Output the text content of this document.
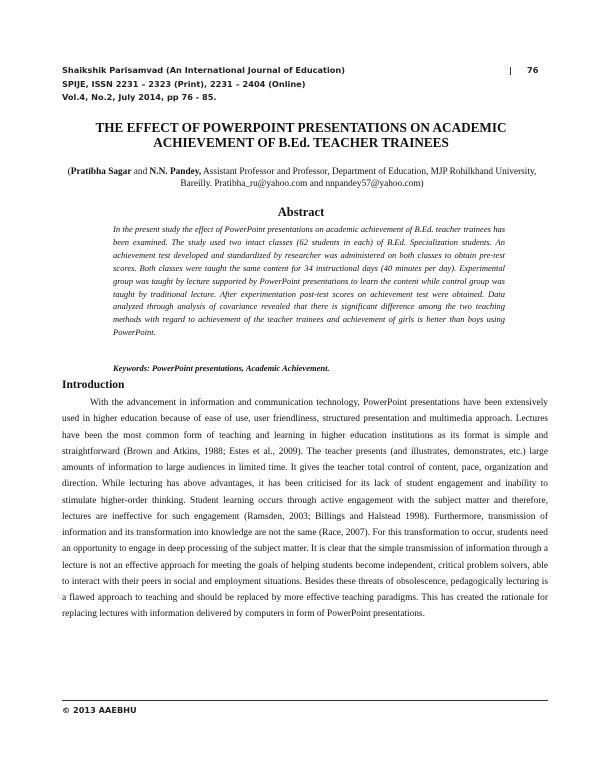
Shaikshik Parisamvad (An International Journal of Education)
SPIJE, ISSN 2231 – 2323 (Print), 2231 – 2404 (Online)
Vol.4, No.2, July 2014, pp 76 - 85.
| 76
THE EFFECT OF POWERPOINT PRESENTATIONS ON ACADEMIC ACHIEVEMENT OF B.Ed. TEACHER TRAINEES
(Pratibha Sagar and N.N. Pandey, Assistant Professor and Professor, Department of Education, MJP Rohilkhand University, Bareilly. Pratibha_ru@yahoo.com and nnpandey57@yahoo.com)
Abstract
In the present study the effect of PowerPoint presentations on academic achievement of B.Ed. teacher trainees has been examined. The study used two intact classes (62 students in each) of B.Ed. Specialization students. An achievement test developed and standardized by researcher was administered on both classes to obtain pre-test scores. Both classes were taught the same content for 34 instructional days (40 minutes per day). Experimental group was taught by lecture supported by PowerPoint presentations to learn the content while control group was taught by traditional lecture. After experimentation post-test scores on achievement test were obtained. Data analyzed through analysis of covariance revealed that there is significant difference among the two teaching methods with regard to achievement of the teacher trainees and achievement of girls is better than boys using PowerPoint.
Keywords: PowerPoint presentations, Academic Achievement.
Introduction
With the advancement in information and communication technology, PowerPoint presentations have been extensively used in higher education because of ease of use, user friendliness, structured presentation and multimedia approach. Lectures have been the most common form of teaching and learning in higher education institutions as its format is simple and straightforward (Brown and Atkins, 1988; Estes et al., 2009). The teacher presents (and illustrates, demonstrates, etc.) large amounts of information to large audiences in limited time. It gives the teacher total control of content, pace, organization and direction. While lecturing has above advantages, it has been criticised for its lack of student engagement and inability to stimulate higher-order thinking. Student learning occurs through active engagement with the subject matter and therefore, lectures are ineffective for such engagement (Ramsden, 2003; Billings and Halstead 1998). Furthermore, transmission of information and its transformation into knowledge are not the same (Race, 2007). For this transformation to occur, students need an opportunity to engage in deep processing of the subject matter. It is clear that the simple transmission of information through a lecture is not an effective approach for meeting the goals of helping students become independent, critical problem solvers, able to interact with their peers in social and employment situations. Besides these threats of obsolescence, pedagogically lecturing is a flawed approach to teaching and should be replaced by more effective teaching paradigms. This has created the rationale for replacing lectures with information delivered by computers in form of PowerPoint presentations.
© 2013 AAEBHU
